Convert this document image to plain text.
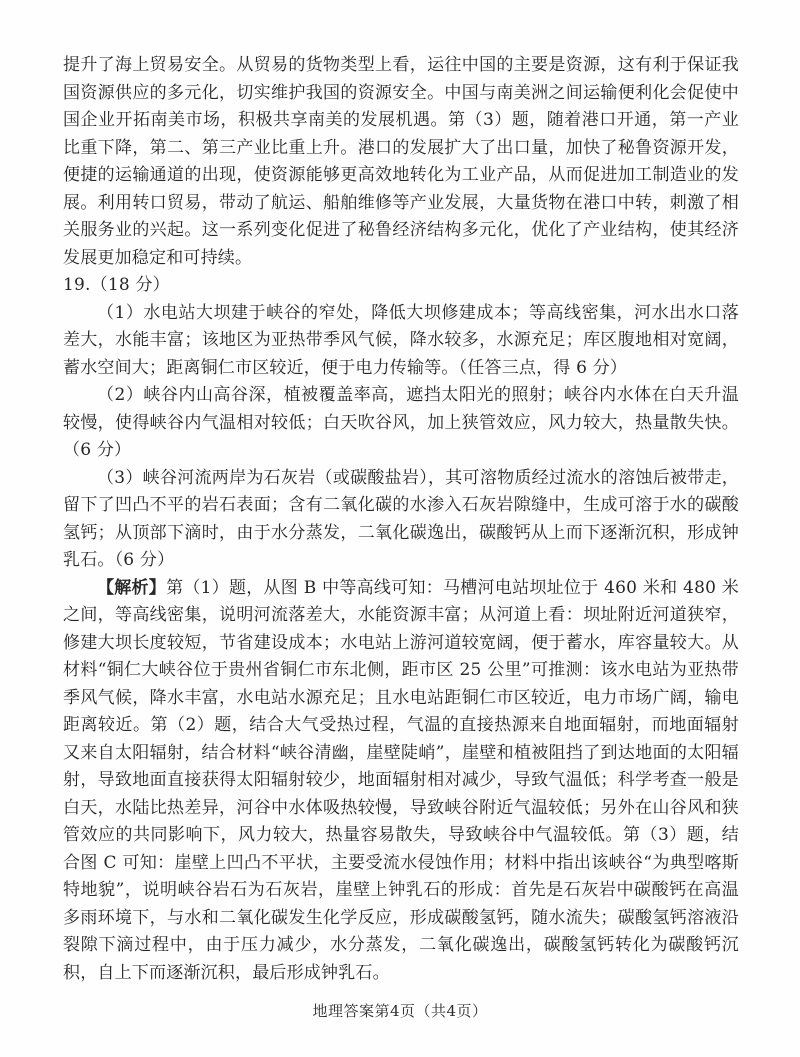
提升了海上贸易安全。从贸易的货物类型上看，运往中国的主要是资源，这有利于保证我国资源供应的多元化，切实维护我国的资源安全。中国与南美洲之间运输便利化会促使中国企业开拓南美市场，积极共享南美的发展机遇。第（3）题，随着港口开通，第一产业比重下降，第二、第三产业比重上升。港口的发展扩大了出口量，加快了秘鲁资源开发，便捷的运输通道的出现，使资源能够更高效地转化为工业产品，从而促进加工制造业的发展。利用转口贸易，带动了航运、船舶维修等产业发展，大量货物在港口中转，刺激了相关服务业的兴起。这一系列变化促进了秘鲁经济结构多元化，优化了产业结构，使其经济发展更加稳定和可持续。

19.（18 分）

（1）水电站大坝建于峡谷的窄处，降低大坝修建成本；等高线密集，河水出水口落差大，水能丰富；该地区为亚热带季风气候，降水较多，水源充足；库区腹地相对宽阔，蓄水空间大；距离铜仁市区较近，便于电力传输等。（任答三点，得 6 分）

（2）峡谷内山高谷深，植被覆盖率高，遮挡太阳光的照射；峡谷内水体在白天升温较慢，使得峡谷内气温相对较低；白天吹谷风，加上狭管效应，风力较大，热量散失快。（6 分）

（3）峡谷河流两岸为石灰岩（或碳酸盐岩），其可溶物质经过流水的溶蚀后被带走，留下了凹凸不平的岩石表面；含有二氧化碳的水渗入石灰岩隙缝中，生成可溶于水的碳酸氢钙；从顶部下滴时，由于水分蒸发，二氧化碳逸出，碳酸钙从上而下逐渐沉积，形成钟乳石。（6 分）

【解析】第（1）题，从图 B 中等高线可知：马槽河电站坝址位于 460 米和 480 米之间，等高线密集，说明河流落差大，水能资源丰富；从河道上看：坝址附近河道狭窄，修建大坝长度较短，节省建设成本；水电站上游河道较宽阔，便于蓄水，库容量较大。从材料“铜仁大峡谷位于贵州省铜仁市东北侧，距市区 25 公里”可推测：该水电站为亚热带季风气候，降水丰富，水电站水源充足；且水电站距铜仁市区较近，电力市场广阔，输电距离较近。第（2）题，结合大气受热过程，气温的直接热源来自地面辐射，而地面辐射又来自太阳辐射，结合材料“峡谷清幽，崖壁陡峭”，崖壁和植被阻挡了到达地面的太阳辐射，导致地面直接获得太阳辐射较少，地面辐射相对减少，导致气温低；科学考查一般是白天，水陆比热差异，河谷中水体吸热较慢，导致峡谷附近气温较低；另外在山谷风和狭管效应的共同影响下，风力较大，热量容易散失，导致峡谷中气温较低。第（3）题，结合图 C 可知：崖壁上凹凸不平状，主要受流水侵蚀作用；材料中指出该峡谷“为典型喀斯特地貌”，说明峡谷岩石为石灰岩，崖壁上钟乳石的形成：首先是石灰岩中碳酸钙在高温多雨环境下，与水和二氧化碳发生化学反应，形成碳酸氢钙，随水流失；碳酸氢钙溶液沿裂隙下滴过程中，由于压力减少，水分蒸发，二氧化碳逸出，碳酸氢钙转化为碳酸钙沉积，自上下而逐渐沉积，最后形成钟乳石。

地理答案第4页（共4页）
